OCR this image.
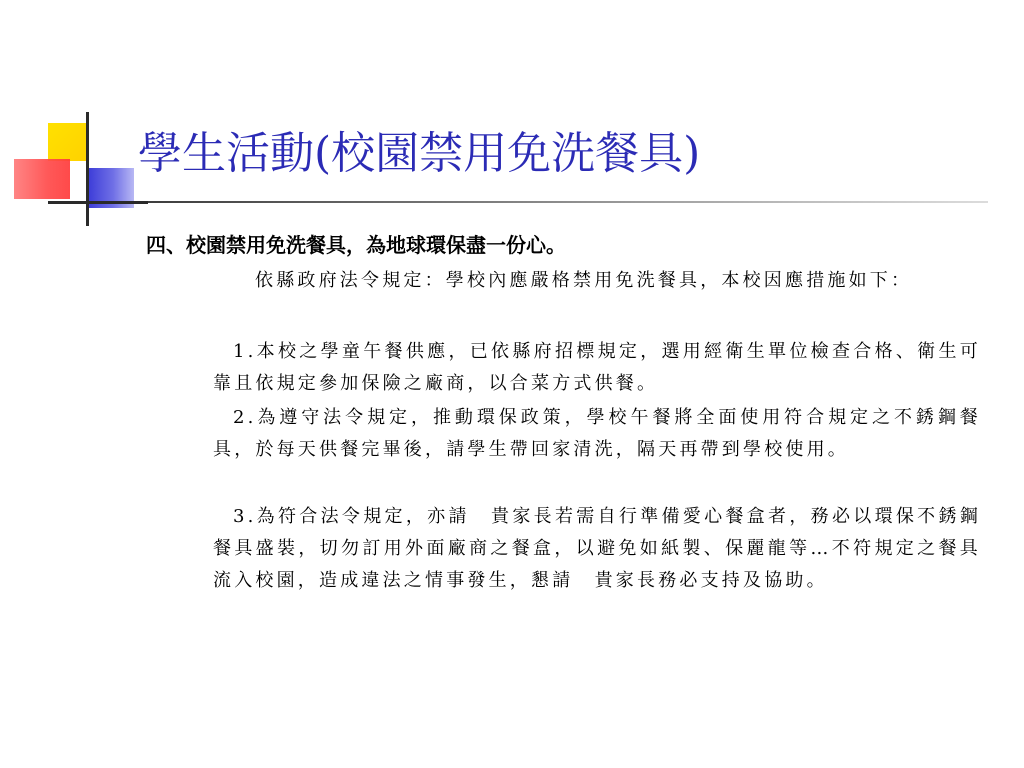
學生活動(校園禁用免洗餐具)
四、校園禁用免洗餐具，為地球環保盡一份心。

依縣政府法令規定：學校內應嚴格禁用免洗餐具，本校因應措施如下：

1.本校之學童午餐供應，已依縣府招標規定，選用經衛生單位檢查合格、衛生可靠且依規定參加保險之廠商，以合菜方式供餐。

2.為遵守法令規定，推動環保政策，學校午餐將全面使用符合規定之不銹鋼餐具，於每天供餐完畢後，請學生帶回家清洗，隔天再帶到學校使用。

3.為符合法令規定，亦請　貴家長若需自行準備愛心餐盒者，務必以環保不銹鋼餐具盛裝，切勿訂用外面廠商之餐盒，以避免如紙製、保麗龍等…不符規定之餐具流入校園，造成違法之情事發生，懇請　貴家長務必支持及協助。
